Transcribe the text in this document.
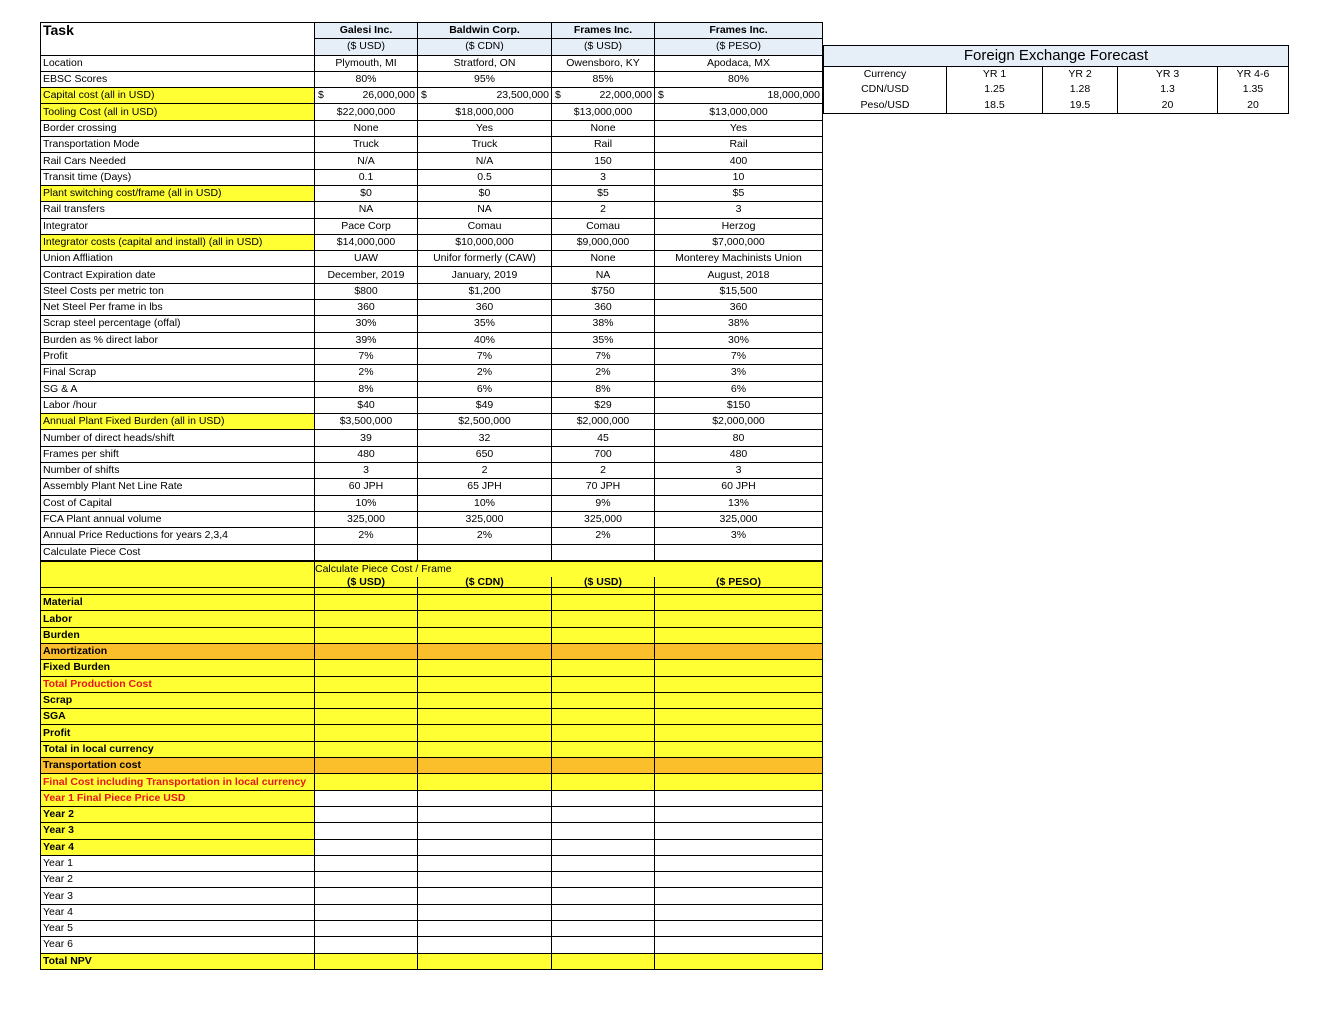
Task	Galesi Inc.	Baldwin Corp.	Frames Inc.	Frames Inc.
	($ USD)	($ CDN)	($ USD)	($ PESO)
Location	Plymouth, MI	Stratford, ON	Owensboro, KY	Apodaca, MX
EBSC Scores	80%	95%	85%	80%
Capital cost (all in USD)	$ 26,000,000	$ 23,500,000	$ 22,000,000	$ 18,000,000
Tooling Cost (all in USD)	$22,000,000	$18,000,000	$13,000,000	$13,000,000
Border crossing	None	Yes	None	Yes
Transportation Mode	Truck	Truck	Rail	Rail
Rail Cars Needed	N/A	N/A	150	400
Transit time (Days)	0.1	0.5	3	10
Plant switching cost/frame (all in USD)	$0	$0	$5	$5
Rail transfers	NA	NA	2	3
Integrator	Pace Corp	Comau	Comau	Herzog
Integrator costs (capital and install) (all in USD)	$14,000,000	$10,000,000	$9,000,000	$7,000,000
Union Affliation	UAW	Unifor formerly (CAW)	None	Monterey Machinists Union
Contract Expiration date	December, 2019	January, 2019	NA	August, 2018
Steel Costs per metric ton	$800	$1,200	$750	$15,500
Net Steel Per frame in lbs	360	360	360	360
Scrap steel percentage (offal)	30%	35%	38%	38%
Burden as % direct labor	39%	40%	35%	30%
Profit	7%	7%	7%	7%
Final Scrap	2%	2%	2%	3%
SG & A	8%	6%	8%	6%
Labor /hour	$40	$49	$29	$150
Annual Plant Fixed Burden (all in USD)	$3,500,000	$2,500,000	$2,000,000	$2,000,000
Number of direct heads/shift	39	32	45	80
Frames per shift	480	650	700	480
Number of shifts	3	2	2	3
Assembly Plant Net Line Rate	60 JPH	65 JPH	70 JPH	60 JPH
Cost of Capital	10%	10%	9%	13%
FCA Plant annual volume	325,000	325,000	325,000	325,000
Annual Price Reductions for years 2,3,4	2%	2%	2%	3%
Calculate Piece Cost				
	Calculate Piece Cost / Frame			
	($ USD)	($ CDN)	($ USD)	($ PESO)

Material				
Labor				
Burden				
Amortization				
Fixed Burden				
Total Production Cost				
Scrap				
SGA				
Profit				
Total in local currency				
Transportation cost				
Final Cost including Transportation in local currency				
Year 1 Final Piece Price USD				
Year 2				
Year 3				
Year 4				
Year 1				
Year 2				
Year 3				
Year 4				
Year 5				
Year 6				
Total NPV				
Foreign Exchange Forecast				
Currency	YR 1	YR 2	YR 3	YR 4-6
CDN/USD	1.25	1.28	1.3	1.35
Peso/USD	18.5	19.5	20	20
